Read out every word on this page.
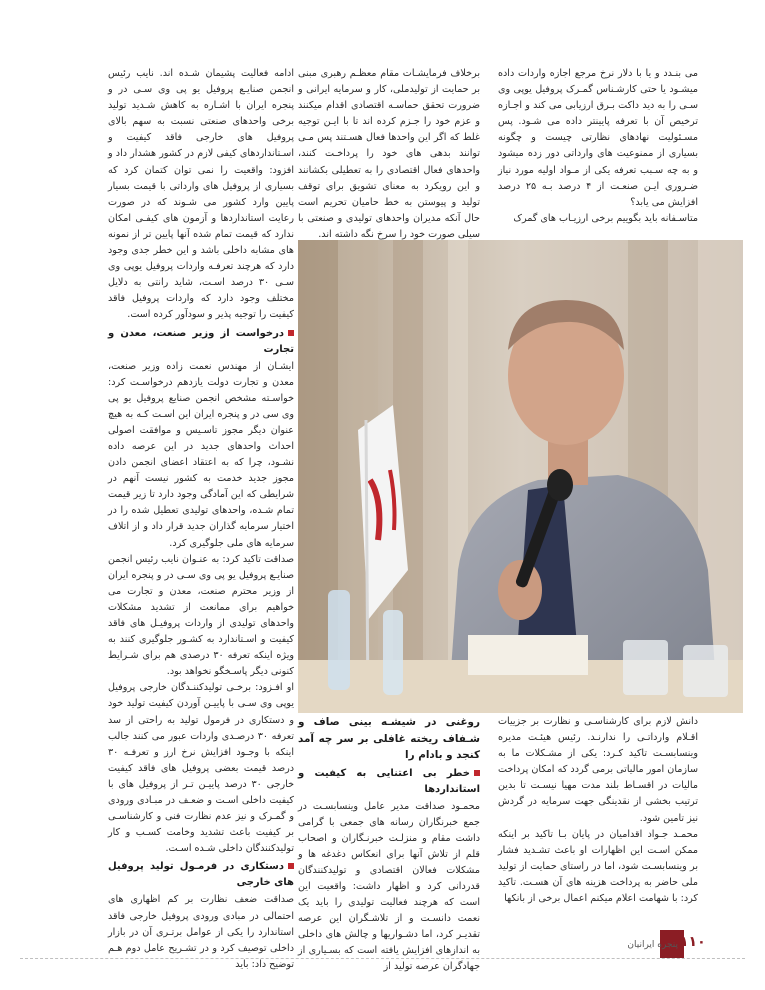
ادامه فعالیت پشیمان شـده اند. نایب رئیس انجمن صنایـع پروفیل یو پی وی سـی در و پنجره ایران با اشـاره به کاهش شـدید تولید برخی واحدهای صنعتی نسبت به سهم بالای پروفیل های خارجی فاقد کیفیت و اسـتانداردهای کیفی لازم در کشور هشدار داد و افزود: واقعیت را نمی توان کتمان کرد که بسیاری از پروفیل های وارداتی با قیمت بسیار پایین وارد کشور می شـوند که در صورت رعایت استانداردها و آزمون های کیفـی امکان ندارد که قیمت تمام شده آنها پایین تر از نمونه های مشابه داخلی باشد و این خطر جدی وجود دارد که هرچند تعرفـه واردات پروفیل یوپی وی سـی ۳۰ درصد اسـت، شاید رانتی به دلایل مختلف وجود دارد که واردات پروفیل فاقد کیفیت را توجیه پذیر و سودآور کرده است.

درخواست از وزیر صنعت، معدن و تجارت

ایشـان از مهندس نعمت زاده وزیر صنعت، معدن و تجارت دولت یازدهم درخواسـت کرد: خواسـته مشخص انجمن صنایع پروفیل یو پی وی سی در و پنجره ایران این اسـت کـه به هیچ عنوان دیگر مجوز تاسـیس و موافقت اصولی احداث واحدهای جدید در این عرصه داده نشـود، چرا که به اعتقاد اعضای انجمن دادن مجوز جدید خدمت به کشور نیست آنهم در شرایطی که این آمادگی وجود دارد تا زیر قیمت تمام شـده، واحدهای تولیدی تعطیل شده را در اختیار سرمایه گذاران جدید قرار داد و از اتلاف سرمایه های ملی جلوگیری کرد.

صداقت تاکید کرد: به عنـوان نایب رئیس انجمن صنایـع پروفیل یو پی وی سـی در و پنجره ایران از وزیر محترم صنعت، معدن و تجارت می خواهیم برای ممانعت از تشدید مشکلات واحدهای تولیدی از واردات پروفیـل های فاقد کیفیت و اسـتاندارد به کشـور جلوگیری کنند به ویژه اینکه تعرفه ۳۰ درصدی هم برای شـرایط کنونی دیگر پاسـخگو نخواهد بود.

او افـزود: برخـی تولیدکننـدگان خارجی پروفیل یوپی وی سـی با پاییـن آوردن کیفیت تولید خود و دستکاری در فرمول تولید به راحتی از سد تعرفه ۳۰ درصـدی واردات عبور می کنند جالب اینکه با وجـود افزایش نرخ ارز و تعرفـه ۳۰ درصد قیمت بعضی پروفیل های فاقد کیفیت خارجی ۳۰ درصد پاییـن تـر از پروفیل های با کیفیت داخلی اسـت و ضعـف در مبـادی ورودی و گمـرک و نیز عدم نظارت فنی و کارشناسـی بر کیفیت باعث تشدید وخامت کسـب و کار تولیدکنندگان داخلی شـده اسـت.

دستکاری در فرمـول تولید پروفیل های خارجی

صداقت ضعف نظارت بر کم اظهاری های احتمالی در مبادی ورودی پروفیل خارجی فاقد استاندارد را یکی از عوامل برتـری آن در بازار داخلی توصیف کرد و در تشـریح عامل دوم هـم توضیح داد: باید

برخلاف فرمایشـات مقام معظـم رهبری مبنی بر حمایت از تولیدملی، کار و سرمایه ایرانی و ضرورت تحقق حماسـه اقتصادی اقدام میکنند و عزم خود را جـزم کرده اند تا با ایـن توجیه غلط که اگر این واحدها فعال هسـتند پس مـی توانند بدهی های خود را پرداخـت کنند، واحدهای فعال اقتصادی را به تعطیلی بکشانند و این رویکرد به معنای تشویق برای توقف تولید و پیوستن به خط حامیان تحریم است حال آنکه مدیران واحدهای تولیدی و صنعتی با سیلی صورت خود را سرخ نگه داشته اند.

می بنـدد و یا با دلار نرخ مرجع اجازه واردات داده میشـود یا حتی کارشـناس گمـرک پروفیل یوپی وی سـی را به دید داکت بـرق ارزیابی می کند و اجـازه ترخیص آن با تعرفه پایینتر داده می شـود. پس مسـئولیت نهادهای نظارتی چیست و چگونه بسیاری از ممنوعیت های وارداتی دور زده میشود و به چه سـبب تعرفه یکی از مـواد اولیه مورد نیاز ضـروری ایـن صنعـت از ۴ درصد بـه ۲۵ درصد افزایش می یابد؟

متاسـفانه باید بگوییم برخی ارزیـاب های گمرک

روغنی در شیشـه بینی صاف و شـفاف ریخته غافلی بر سر چه آمد کنجد و بادام را

خطر بی اعتنایی به کیفیت و استانداردها

محمـود صداقت مدیر عامل وینسابسـت در جمع خبرنگاران رسانه های جمعی با گرامی داشت مقام و منزلـت خبرنـگاران و اصحاب قلم از تلاش آنها برای انعکاس دغدغه ها و مشکلات فعالان اقتصادی و تولیدکنندگان قدردانی کرد و اظهار داشت: واقعیت این است که هرچند فعالیت تولیدی را باید یک نعمت دانسـت و از تلاشـگران این عرصه تقدیـر کرد، اما دشـواریها و چالش های داخلی به اندازهای افزایش یافته است که بسـیاری از جهادگران عرصه تولید از

دانش لازم برای کارشناسـی و نظارت بر جزییات اقـلام وارداتـی را ندارنـد. رئیس هیئـت مدیره وینسابسـت تاکید کـرد: یکی از مشـکلات ما به سازمان امور مالیاتی برمی گردد که امکان پرداخت مالیات در اقسـاط بلند مدت مهیا نیسـت تا بدین ترتیب بخشی از نقدینگی جهت سرمایه در گردش نیز تامین شود.

محمـد جـواد اقدامیان در پایان بـا تاکید بر اینکه ممکن اسـت این اظهارات او باعث تشـدید فشار بر وینسابسـت شود، اما در راستای حمایت از تولید ملی حاضر به پرداخت هزینه های آن هسـت. تاکید کرد: با شهامت اعلام میکنم اعمال برخی از بانکها

۱۱۰
پنجره ایرانیان
